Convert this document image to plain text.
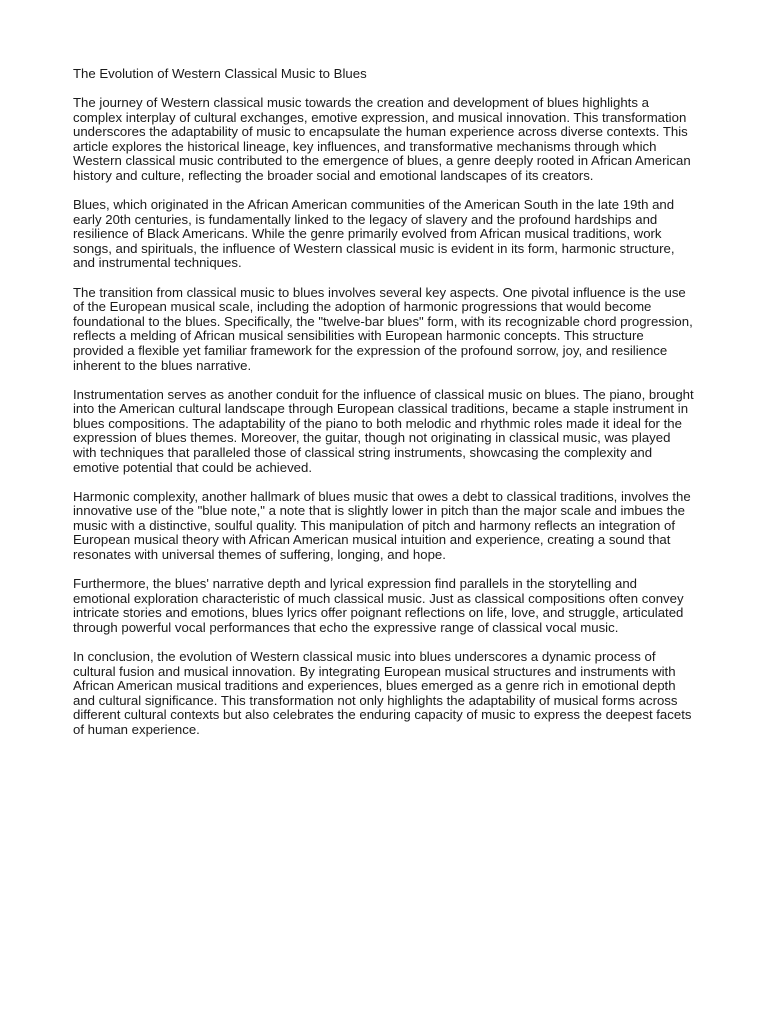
The Evolution of Western Classical Music to Blues

The journey of Western classical music towards the creation and development of blues highlights a complex interplay of cultural exchanges, emotive expression, and musical innovation. This transformation underscores the adaptability of music to encapsulate the human experience across diverse contexts. This article explores the historical lineage, key influences, and transformative mechanisms through which Western classical music contributed to the emergence of blues, a genre deeply rooted in African American history and culture, reflecting the broader social and emotional landscapes of its creators.

Blues, which originated in the African American communities of the American South in the late 19th and early 20th centuries, is fundamentally linked to the legacy of slavery and the profound hardships and resilience of Black Americans. While the genre primarily evolved from African musical traditions, work songs, and spirituals, the influence of Western classical music is evident in its form, harmonic structure, and instrumental techniques.

The transition from classical music to blues involves several key aspects. One pivotal influence is the use of the European musical scale, including the adoption of harmonic progressions that would become foundational to the blues. Specifically, the "twelve-bar blues" form, with its recognizable chord progression, reflects a melding of African musical sensibilities with European harmonic concepts. This structure provided a flexible yet familiar framework for the expression of the profound sorrow, joy, and resilience inherent to the blues narrative.

Instrumentation serves as another conduit for the influence of classical music on blues. The piano, brought into the American cultural landscape through European classical traditions, became a staple instrument in blues compositions. The adaptability of the piano to both melodic and rhythmic roles made it ideal for the expression of blues themes. Moreover, the guitar, though not originating in classical music, was played with techniques that paralleled those of classical string instruments, showcasing the complexity and emotive potential that could be achieved.

Harmonic complexity, another hallmark of blues music that owes a debt to classical traditions, involves the innovative use of the "blue note," a note that is slightly lower in pitch than the major scale and imbues the music with a distinctive, soulful quality. This manipulation of pitch and harmony reflects an integration of European musical theory with African American musical intuition and experience, creating a sound that resonates with universal themes of suffering, longing, and hope.

Furthermore, the blues' narrative depth and lyrical expression find parallels in the storytelling and emotional exploration characteristic of much classical music. Just as classical compositions often convey intricate stories and emotions, blues lyrics offer poignant reflections on life, love, and struggle, articulated through powerful vocal performances that echo the expressive range of classical vocal music.

In conclusion, the evolution of Western classical music into blues underscores a dynamic process of cultural fusion and musical innovation. By integrating European musical structures and instruments with African American musical traditions and experiences, blues emerged as a genre rich in emotional depth and cultural significance. This transformation not only highlights the adaptability of musical forms across different cultural contexts but also celebrates the enduring capacity of music to express the deepest facets of human experience.
